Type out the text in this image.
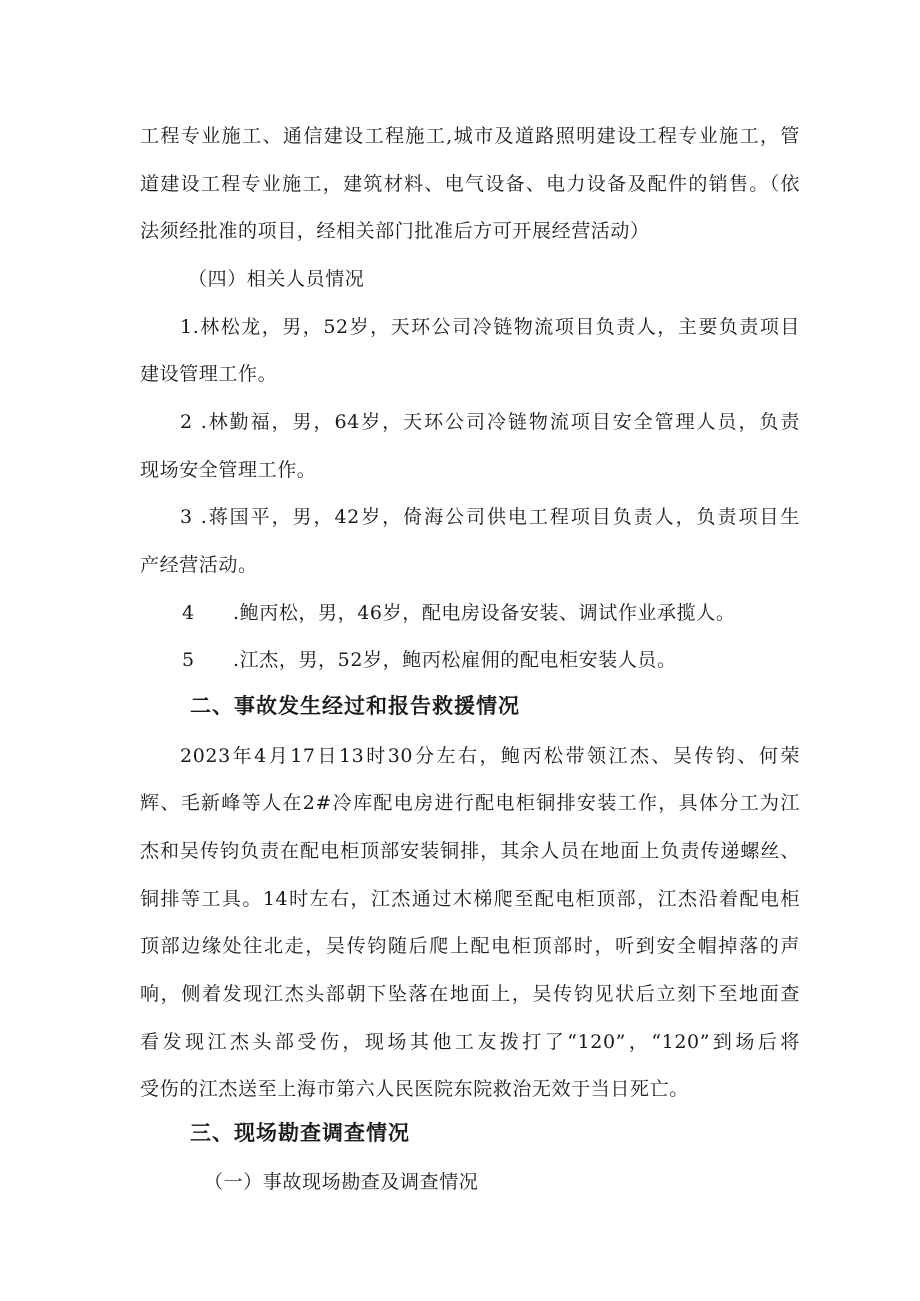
工程专业施工、通信建设工程施工,城市及道路照明建设工程专业施工，管
道建设工程专业施工，建筑材料、电气设备、电力设备及配件的销售。（依
法须经批准的项目，经相关部门批准后方可开展经营活动）
（四）相关人员情况
1.林松龙，男，52岁，天环公司冷链物流项目负责人，主要负责项目
建设管理工作。
2 .林勤福，男，64岁，天环公司冷链物流项目安全管理人员，负责
现场安全管理工作。
3 .蒋国平，男，42岁，倚海公司供电工程项目负责人，负责项目生
产经营活动。
4	.鲍丙松，男，46岁，配电房设备安装、调试作业承揽人。
5	.江杰，男，52岁，鲍丙松雇佣的配电柜安装人员。
二、事故发生经过和报告救援情况
2023年4月17日13时30分左右，鲍丙松带领江杰、吴传钧、何荣
辉、毛新峰等人在2#冷库配电房进行配电柜铜排安装工作，具体分工为江
杰和吴传钧负责在配电柜顶部安装铜排，其余人员在地面上负责传递螺丝、
铜排等工具。14时左右，江杰通过木梯爬至配电柜顶部，江杰沿着配电柜
顶部边缘处往北走，吴传钧随后爬上配电柜顶部时，听到安全帽掉落的声
响，侧着发现江杰头部朝下坠落在地面上，吴传钧见状后立刻下至地面查
看发现江杰头部受伤，现场其他工友拨打了“120”，“120”到场后将
受伤的江杰送至上海市第六人民医院东院救治无效于当日死亡。
三、现场勘查调查情况
（一）事故现场勘查及调查情况
